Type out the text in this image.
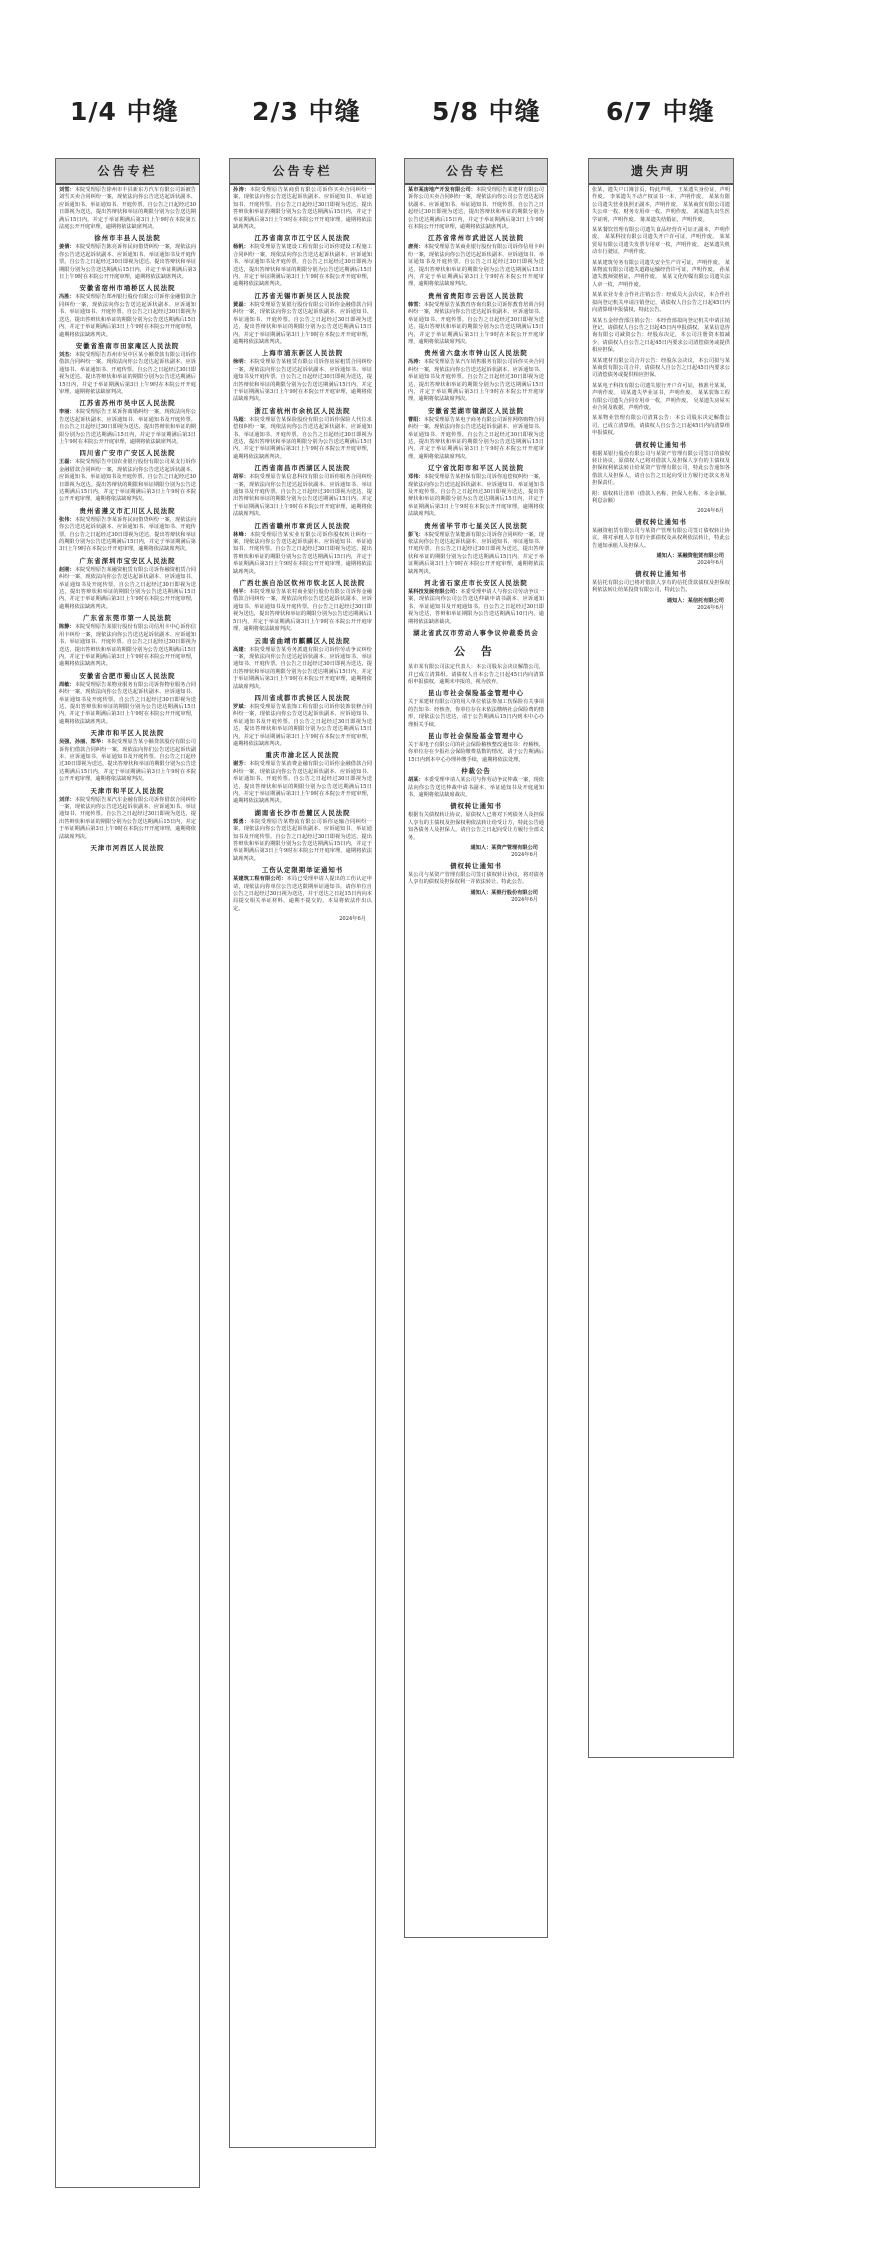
1/4 中缝	2/3 中缝	5/8 中缝	6/7 中缝
公告专栏
刘雪：本院受理原告徐州市丰县新东方汽车有限公司诉被告刘雪买卖合同纠纷一案，现依法向你公告送达起诉状副本、应诉通知书、举证通知书、开庭传票。自公告之日起经过30日即视为送达，提出答辩状和举证的期限分别为公告送达期满后15日内。并定于举证期满后第3日上午9时在本院第五法庭公开开庭审理，逾期将依法缺席判决。
徐州市丰县人民法院
姜倩：本院受理原告陈亮诉你民间借贷纠纷一案，现依法向你公告送达起诉状副本、应诉通知书、举证通知书及开庭传票。自公告之日起经过30日即视为送达。提出答辩状和举证期限分别为公告送达期满后15日内，并定于举证期满后第3日上午9时在本院公开开庭审理，逾期将依法缺席判决。
安徽省宿州市埇桥区人民法院
冯胜：本院受理原告郑州银行股份有限公司诉你金融借款合同纠纷一案，现依法向你公告送达起诉状副本、应诉通知书、举证通知书、开庭传票。自公告之日起经过30日即视为送达，提出答辩状和举证的期限分别为公告送达期满后15日内，并定于举证期满后第3日上午9时在本院公开开庭审理，逾期将依法缺席判决。
安徽省淮南市田家庵区人民法院
刘杰：本院受理原告苏州市吴中区某小额贷款有限公司诉你借款合同纠纷一案，现依法向你公告送达起诉状副本、应诉通知书、举证通知书、开庭传票。自公告之日起经过30日即视为送达。提出答辩状和举证的期限分别为公告送达期满后15日内，并定于举证期满后第3日上午9时在本院公开开庭审理，逾期将依法缺席判决。
江苏省苏州市吴中区人民法院
李丽：本院受理原告王某诉你离婚纠纷一案，现依法向你公告送达起诉状副本、应诉通知书、举证通知书及开庭传票。自公告之日起经过30日即视为送达，提出答辩状和举证的期限分别为公告送达期满后15日内，并定于举证期满后第3日上午9时在本院公开开庭审理，逾期将依法缺席判决。
四川省广安市广安区人民法院
王磊：本院受理原告中国农业银行股份有限公司某支行诉你金融借款合同纠纷一案，现依法向你公告送达起诉状副本、应诉通知书、举证通知书及开庭传票。自公告之日起经过30日即视为送达。提出答辩状的期限和举证期限分别为公告送达期满后15日内，并定于举证期满后第3日上午9时在本院公开开庭审理，逾期将依法缺席判决。
贵州省遵义市汇川区人民法院
张伟：本院受理原告李某诉你民间借贷纠纷一案，现依法向你公告送达起诉状副本、应诉通知书、举证通知书、开庭传票。自公告之日起经过30日即视为送达，提出答辩状和举证的期限分别为公告送达期满后15日内，并定于举证期满后第3日上午9时在本院公开开庭审理，逾期将依法缺席判决。
广东省深圳市宝安区人民法院
赵刚：本院受理原告某融资租赁有限公司诉你融资租赁合同纠纷一案，现依法向你公告送达起诉状副本、应诉通知书、举证通知书及开庭传票。自公告之日起经过30日即视为送达，提出答辩状和举证的期限分别为公告送达期满后15日内，并定于举证期满后第3日上午9时在本院公开开庭审理，逾期将依法缺席判决。
广东省东莞市第一人民法院
陈静：本院受理原告某银行股份有限公司信用卡中心诉你信用卡纠纷一案，现依法向你公告送达起诉状副本、应诉通知书、举证通知书、开庭传票。自公告之日起经过30日即视为送达，提出答辩状和举证的期限分别为公告送达期满后15日内，并定于举证期满后第3日上午9时在本院公开开庭审理，逾期将依法缺席判决。
安徽省合肥市蜀山区人民法院
周敏：本院受理原告某物业服务有限公司诉你物业服务合同纠纷一案，现依法向你公告送达起诉状副本、应诉通知书、举证通知书及开庭传票。自公告之日起经过30日即视为送达，提出答辩状和举证的期限分别为公告送达期满后15日内，并定于举证期满后第3日上午9时在本院公开开庭审理，逾期将依法缺席判决。
天津市和平区人民法院
吴强、孙丽、郑华：本院受理原告某小额贷款股份有限公司诉你们借款合同纠纷一案，现依法向你们公告送达起诉状副本、应诉通知书、举证通知书及开庭传票。自公告之日起经过30日即视为送达，提出答辩状和举证的期限分别为公告送达期满后15日内，并定于举证期满后第3日上午9时在本院公开开庭审理，逾期将依法缺席判决。
天津市和平区人民法院
刘洋：本院受理原告某汽车金融有限公司诉你借款合同纠纷一案，现依法向你公告送达起诉状副本、应诉通知书、举证通知书、开庭传票。自公告之日起经过30日即视为送达，提出答辩状和举证的期限分别为公告送达期满后15日内，并定于举证期满后第3日上午9时在本院公开开庭审理，逾期将依法缺席判决。
天津市河西区人民法院
公告专栏
孙涛：本院受理原告某商贸有限公司诉你买卖合同纠纷一案，现依法向你公告送达起诉状副本、应诉通知书、举证通知书、开庭传票。自公告之日起经过30日即视为送达，提出答辩状和举证的期限分别为公告送达期满后15日内，并定于举证期满后第3日上午9时在本院公开开庭审理，逾期将依法缺席判决。
江苏省南京市江宁区人民法院
杨帆：本院受理原告某建设工程有限公司诉你建设工程施工合同纠纷一案，现依法向你公告送达起诉状副本、应诉通知书、举证通知书及开庭传票。自公告之日起经过30日即视为送达，提出答辩状和举证的期限分别为公告送达期满后15日内，并定于举证期满后第3日上午9时在本院公开开庭审理，逾期将依法缺席判决。
江苏省无锡市新吴区人民法院
黄磊：本院受理原告某银行股份有限公司诉你金融借款合同纠纷一案，现依法向你公告送达起诉状副本、应诉通知书、举证通知书、开庭传票。自公告之日起经过30日即视为送达，提出答辩状和举证的期限分别为公告送达期满后15日内，并定于举证期满后第3日上午9时在本院公开开庭审理，逾期将依法缺席判决。
上海市浦东新区人民法院
徐明：本院受理原告某租赁有限公司诉你房屋租赁合同纠纷一案，现依法向你公告送达起诉状副本、应诉通知书、举证通知书及开庭传票。自公告之日起经过30日即视为送达，提出答辩状和举证的期限分别为公告送达期满后15日内，并定于举证期满后第3日上午9时在本院公开开庭审理，逾期将依法缺席判决。
浙江省杭州市余杭区人民法院
马超：本院受理原告某保险股份有限公司诉你保险人代位求偿权纠纷一案，现依法向你公告送达起诉状副本、应诉通知书、举证通知书、开庭传票。自公告之日起经过30日即视为送达，提出答辩状和举证的期限分别为公告送达期满后15日内，并定于举证期满后第3日上午9时在本院公开开庭审理，逾期将依法缺席判决。
江西省南昌市西湖区人民法院
胡军：本院受理原告某信息科技有限公司诉你服务合同纠纷一案，现依法向你公告送达起诉状副本、应诉通知书、举证通知书及开庭传票。自公告之日起经过30日即视为送达，提出答辩状和举证的期限分别为公告送达期满后15日内，并定于举证期满后第3日上午9时在本院公开开庭审理，逾期将依法缺席判决。
江西省赣州市章贡区人民法院
林峰：本院受理原告某实业有限公司诉你股权转让纠纷一案，现依法向你公告送达起诉状副本、应诉通知书、举证通知书、开庭传票。自公告之日起经过30日即视为送达，提出答辩状和举证的期限分别为公告送达期满后15日内，并定于举证期满后第3日上午9时在本院公开开庭审理，逾期将依法缺席判决。
广西壮族自治区钦州市钦北区人民法院
何平：本院受理原告某农村商业银行股份有限公司诉你金融借款合同纠纷一案，现依法向你公告送达起诉状副本、应诉通知书、举证通知书及开庭传票。自公告之日起经过30日即视为送达，提出答辩状和举证的期限分别为公告送达期满后15日内，并定于举证期满后第3日上午9时在本院公开开庭审理，逾期将依法缺席判决。
云南省曲靖市麒麟区人民法院
高建：本院受理原告某劳务派遣有限公司诉你劳动争议纠纷一案，现依法向你公告送达起诉状副本、应诉通知书、举证通知书、开庭传票。自公告之日起经过30日即视为送达，提出答辩状和举证的期限分别为公告送达期满后15日内，并定于举证期满后第3日上午9时在本院公开开庭审理，逾期将依法缺席判决。
四川省成都市武侯区人民法院
罗斌：本院受理原告某装饰工程有限公司诉你装饰装修合同纠纷一案，现依法向你公告送达起诉状副本、应诉通知书、举证通知书及开庭传票。自公告之日起经过30日即视为送达，提出答辩状和举证的期限分别为公告送达期满后15日内，并定于举证期满后第3日上午9时在本院公开开庭审理，逾期将依法缺席判决。
重庆市渝北区人民法院
谢芳：本院受理原告某消费金融有限公司诉你金融借款合同纠纷一案，现依法向你公告送达起诉状副本、应诉通知书、举证通知书、开庭传票。自公告之日起经过30日即视为送达，提出答辩状和举证的期限分别为公告送达期满后15日内，并定于举证期满后第3日上午9时在本院公开开庭审理，逾期将依法缺席判决。
湖南省长沙市岳麓区人民法院
郭勇：本院受理原告某物流有限公司诉你运输合同纠纷一案，现依法向你公告送达起诉状副本、应诉通知书、举证通知书及开庭传票。自公告之日起经过30日即视为送达，提出答辩状和举证的期限分别为公告送达期满后15日内，并定于举证期满后第3日上午9时在本院公开开庭审理，逾期将依法缺席判决。
工伤认定限期举证通知书
某建筑工程有限公司：本局已受理申请人提出的工伤认定申请，现依法向你单位公告送达限期举证通知书。请你单位自公告之日起经过30日视为送达，并于送达之日起15日内向本局提交相关举证材料，逾期不提交的，本局将依法作出认定。
2024年6月
公告专栏
某市某房地产开发有限公司：本院受理原告某建材有限公司诉你公司买卖合同纠纷一案，现依法向你公司公告送达起诉状副本、应诉通知书、举证通知书、开庭传票。自公告之日起经过30日即视为送达，提出答辩状和举证的期限分别为公告送达期满后15日内，并定于举证期满后第3日上午9时在本院公开开庭审理，逾期将依法缺席判决。
江苏省常州市武进区人民法院
唐亮：本院受理原告某商业银行股份有限公司诉你信用卡纠纷一案，现依法向你公告送达起诉状副本、应诉通知书、举证通知书及开庭传票。自公告之日起经过30日即视为送达，提出答辩状和举证的期限分别为公告送达期满后15日内，并定于举证期满后第3日上午9时在本院公开开庭审理，逾期将依法缺席判决。
贵州省贵阳市云岩区人民法院
韩雪：本院受理原告某教育咨询有限公司诉你教育培训合同纠纷一案，现依法向你公告送达起诉状副本、应诉通知书、举证通知书、开庭传票。自公告之日起经过30日即视为送达，提出答辩状和举证的期限分别为公告送达期满后15日内，并定于举证期满后第3日上午9时在本院公开开庭审理，逾期将依法缺席判决。
贵州省六盘水市钟山区人民法院
冯涛：本院受理原告某汽车销售服务有限公司诉你买卖合同纠纷一案，现依法向你公告送达起诉状副本、应诉通知书、举证通知书及开庭传票。自公告之日起经过30日即视为送达，提出答辩状和举证的期限分别为公告送达期满后15日内，并定于举证期满后第3日上午9时在本院公开开庭审理，逾期将依法缺席判决。
安徽省芜湖市镜湖区人民法院
曹阳：本院受理原告某电子商务有限公司诉你网络购物合同纠纷一案，现依法向你公告送达起诉状副本、应诉通知书、举证通知书、开庭传票。自公告之日起经过30日即视为送达，提出答辩状和举证的期限分别为公告送达期满后15日内，并定于举证期满后第3日上午9时在本院公开开庭审理，逾期将依法缺席判决。
辽宁省沈阳市和平区人民法院
邓伟：本院受理原告某担保有限公司诉你追偿权纠纷一案，现依法向你公告送达起诉状副本、应诉通知书、举证通知书及开庭传票。自公告之日起经过30日即视为送达，提出答辩状和举证的期限分别为公告送达期满后15日内，并定于举证期满后第3日上午9时在本院公开开庭审理，逾期将依法缺席判决。
贵州省毕节市七星关区人民法院
彭飞：本院受理原告某能源有限公司诉你合同纠纷一案，现依法向你公告送达起诉状副本、应诉通知书、举证通知书、开庭传票。自公告之日起经过30日即视为送达，提出答辩状和举证的期限分别为公告送达期满后15日内，并定于举证期满后第3日上午9时在本院公开开庭审理，逾期将依法缺席判决。
河北省石家庄市长安区人民法院
某科技发展有限公司：本委受理申请人与你公司劳动争议一案，现依法向你公司公告送达仲裁申请书副本、应诉通知书、举证通知书及开庭通知书。自公告之日起经过30日即视为送达，答辩和举证期限为公告送达期满后10日内，逾期将依法缺席裁决。
湖北省武汉市劳动人事争议仲裁委员会
公 告
某市某有限公司法定代表人：本公司股东会决议解散公司，并已成立清算组。请债权人自本公告之日起45日内向清算组申报债权，逾期未申报的，视为放弃。
昆山市社会保险基金管理中心
关于某建材有限公司的用人单位依法参加工伤保险有关事项的告知书：经核查，你单位存在未依法缴纳社会保险费的情形，现依法公告送达，请于公告期满后15日内到本中心办理相关手续。
昆山市社会保险基金管理中心
关于某电子有限公司的社会保险稽核整改通知书：经稽核，你单位存在少报社会保险缴费基数的情况，请于公告期满后15日内到本中心办理补缴手续，逾期将依法处理。
仲裁公告
胡某：本委受理申请人某公司与你劳动争议仲裁一案，现依法向你公告送达仲裁申请书副本、举证通知书及开庭通知书，逾期将依法缺席裁决。
债权转让通知书
根据有关债权转让协议，原债权人已将对下列债务人及担保人享有的主债权及担保权利依法转让给受让方，特此公告通知各债务人及担保人，请自公告之日起向受让方履行全部义务。
通知人：某资产管理有限公司
2024年6月
债权转让通知书
某公司与某资产管理有限公司签订债权转让协议，将对债务人享有的债权及担保权利一并依法转让，特此公告。
通知人：某银行股份有限公司
2024年6月
遗失声明
张某，遗失户口簿首页，特此声明。 王某遗失身份证，声明作废。 李某遗失不动产权证书一本，声明作废。 某某有限公司遗失营业执照正副本，声明作废。 某某商贸有限公司遗失公章一枚、财务专用章一枚，声明作废。 刘某遗失出生医学证明，声明作废。 陈某遗失结婚证，声明作废。
某某餐饮管理有限公司遗失食品经营许可证正副本，声明作废。 某某科技有限公司遗失开户许可证，声明作废。 某某贸易有限公司遗失发票专用章一枚，声明作废。 赵某遗失机动车行驶证，声明作废。
某某建筑劳务有限公司遗失安全生产许可证，声明作废。 某某物流有限公司遗失道路运输经营许可证，声明作废。 孙某遗失教师资格证，声明作废。 某某文化传媒有限公司遗失法人章一枚，声明作废。
某某农业专业合作社注销公告：经成员大会决议，本合作社拟向登记机关申请注销登记，请债权人自公告之日起45日内向清算组申报债权，特此公告。
某某五金经营部注销公告：本经营部拟向登记机关申请注销登记，请债权人自公告之日起45日内申报债权。 某某信息咨询有限公司减资公告：经股东决定，本公司注册资本拟减少，请债权人自公告之日起45日内要求公司清偿债务或提供相应担保。
某某建材有限公司合并公告：经股东会决议，本公司拟与某某商贸有限公司合并，请债权人自公告之日起45日内要求公司清偿债务或提供相应担保。
某某电子科技有限公司遗失银行开户许可证，核准号某某，声明作废。 周某遗失毕业证书，声明作废。 某某装饰工程有限公司遗失合同专用章一枚，声明作废。 吴某遗失房屋买卖合同及收据，声明作废。
某某物业管理有限公司清算公告：本公司股东决定解散公司，已成立清算组，请债权人自公告之日起45日内向清算组申报债权。
债权转让通知书
根据某银行股份有限公司与某资产管理有限公司签订的债权转让协议，原债权人已将对借款人及担保人享有的主债权及担保权利依法转让给某资产管理有限公司，特此公告通知各借款人及担保人，请自公告之日起向受让方履行还款义务及担保责任。
附：债权转让清单（借款人名称、担保人名称、本金余额、利息余额）
2024年6月
债权转让通知书
某融资租赁有限公司与某资产管理有限公司签订债权转让协议，将对承租人享有的全部债权及从权利依法转让，特此公告通知承租人及担保人。
通知人：某融资租赁有限公司
2024年6月
债权转让通知书
某信托有限公司已将对借款人享有的信托贷款债权及担保权利依法转让给某投资有限公司，特此公告。
通知人：某信托有限公司
2024年6月
